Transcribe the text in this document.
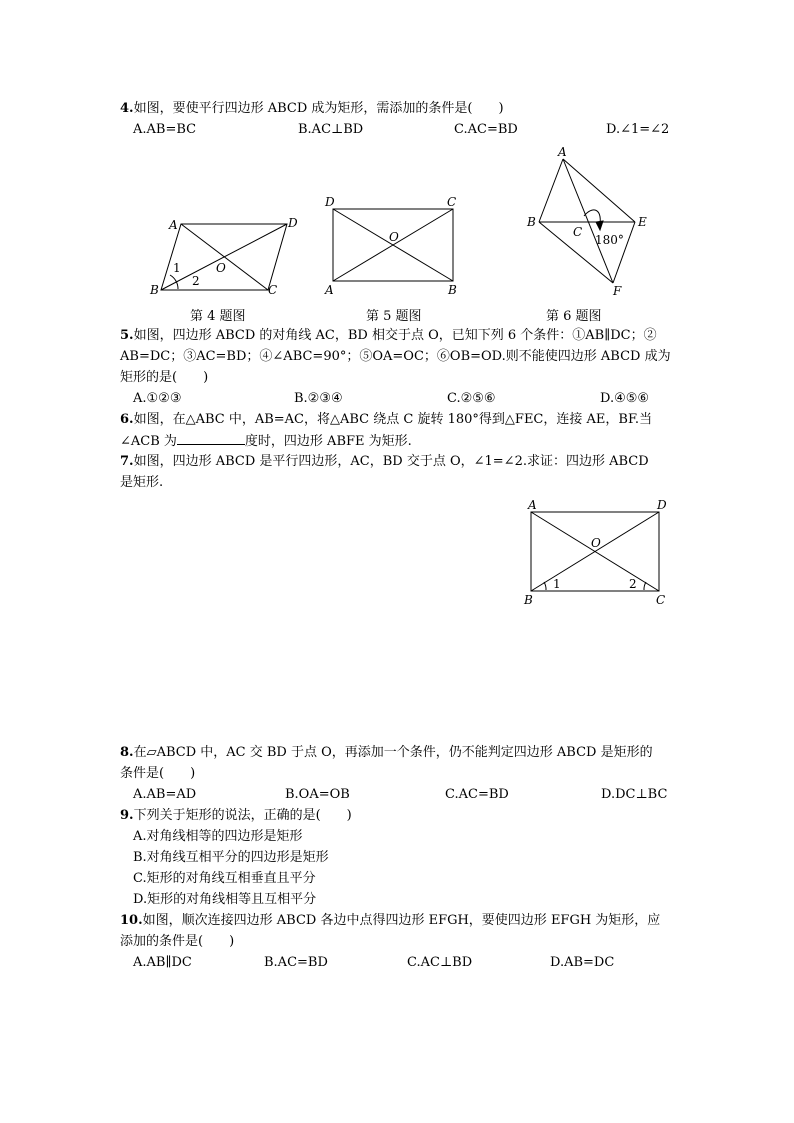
4.如图，要使平行四边形 ABCD 成为矩形，需添加的条件是(　　)
A.AB=BC	B.AC⊥BD	C.AC=BD	D.∠1=∠2
A
B	C
D
O
1
2
D	C
A	B
O
A
B
C
E
F
180°
A	D
B	C
O
1	2
第 4 题图	第 5 题图	第 6 题图
5.如图，四边形 ABCD 的对角线 AC，BD 相交于点 O，已知下列 6 个条件：①AB∥DC；②
AB=DC；③AC=BD；④∠ABC=90°；⑤OA=OC；⑥OB=OD.则不能使四边形 ABCD 成为
矩形的是(　　)
A.①②③	B.②③④	C.②⑤⑥	D.④⑤⑥
6.如图，在△ABC 中，AB=AC，将△ABC 绕点 C 旋转 180°得到△FEC，连接 AE，BF.当
∠ACB 为	度时，四边形 ABFE 为矩形.
7.如图，四边形 ABCD 是平行四边形，AC，BD 交于点 O，∠1=∠2.求证：四边形 ABCD
是矩形.
8.在▱ABCD 中，AC 交 BD 于点 O，再添加一个条件，仍不能判定四边形 ABCD 是矩形的
条件是(　　)
A.AB=AD	B.OA=OB	C.AC=BD	D.DC⊥BC
9.下列关于矩形的说法，正确的是(　　)
A.对角线相等的四边形是矩形
B.对角线互相平分的四边形是矩形
C.矩形的对角线互相垂直且平分
D.矩形的对角线相等且互相平分
10.如图，顺次连接四边形 ABCD 各边中点得四边形 EFGH，要使四边形 EFGH 为矩形，应
添加的条件是(　　)
A.AB∥DC	B.AC=BD	C.AC⊥BD	D.AB=DC
